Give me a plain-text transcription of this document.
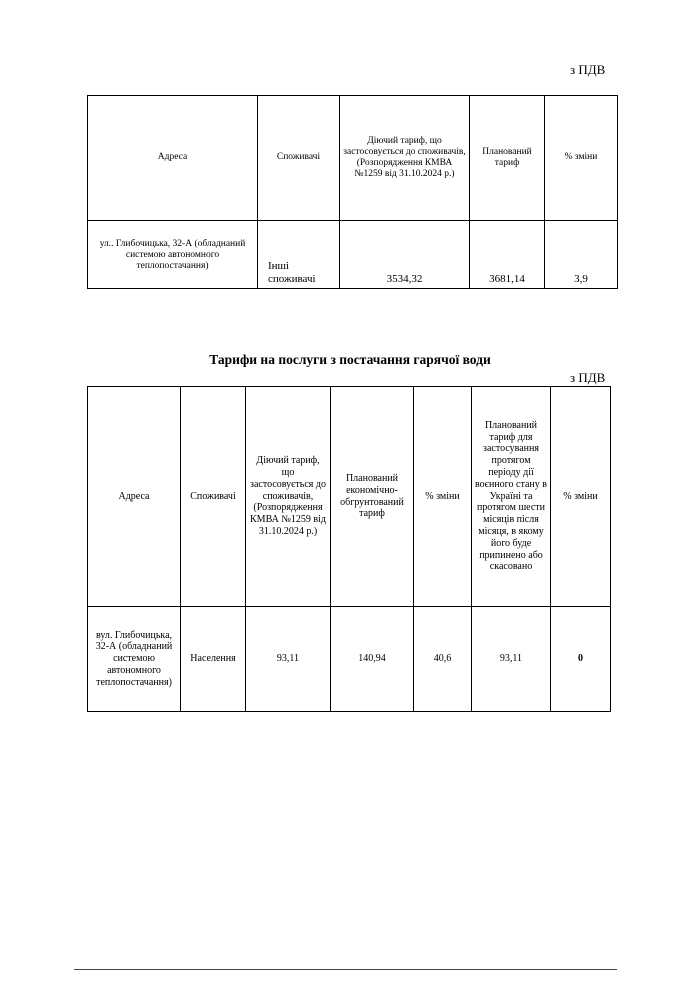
з ПДВ
Адреса	Споживачі	Діючий тариф, що застосовується до споживачів, (Розпорядження КМВА №1259 від 31.10.2024 р.)	Планований тариф	% зміни
ул.. Глибочицька, 32-А (обладнаний системою автономного теплопостачання)	Інші споживачі	3534,32	3681,14	3,9
Тарифи на послуги з постачання гарячої води
з ПДВ
Адреса	Споживачі	Діючий тариф, що застосовується до споживачів, (Розпорядження КМВА №1259 від 31.10.2024 р.)	Планований економічно-обгрунтований тариф	% зміни	Планований тариф для застосування протягом періоду дії воєнного стану в Україні та протягом шести місяців після місяця, в якому його буде припинено або скасовано	% зміни
вул. Глибочицька, 32-А (обладнаний системою автономного теплопостачання)	Населення	93,11	140,94	40,6	93,11	0
